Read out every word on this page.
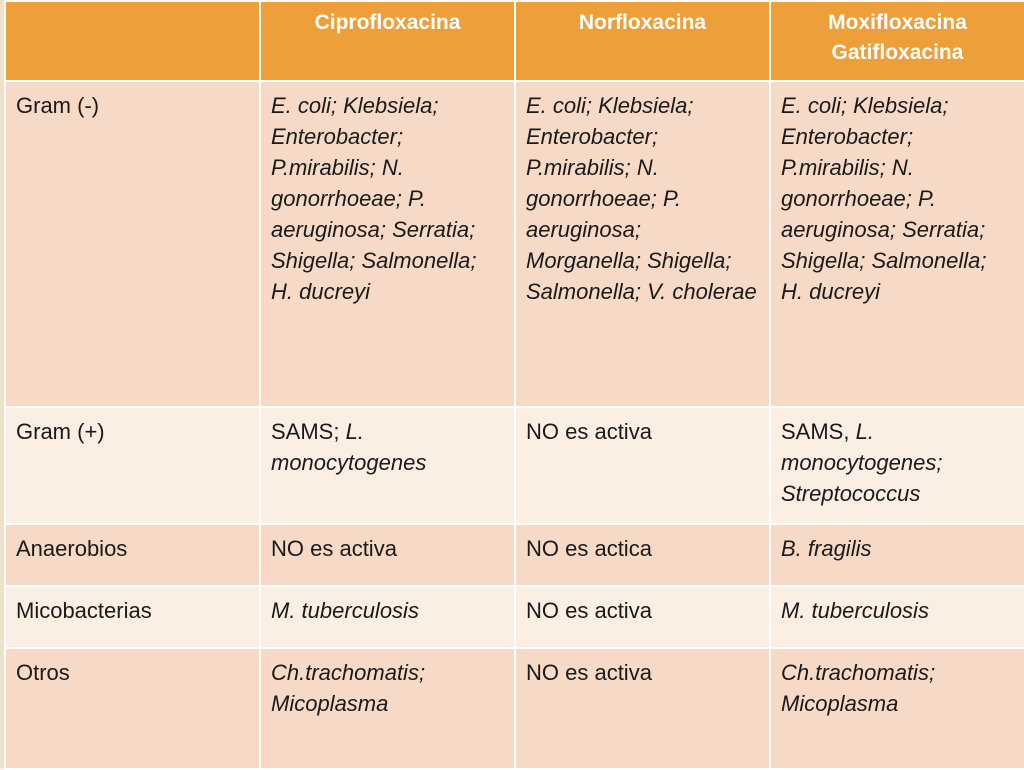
	Ciprofloxacina	Norfloxacina	Moxifloxacina Gatifloxacina
Gram (-)	E. coli; Klebsiela; Enterobacter; P.mirabilis; N. gonorrhoeae; P. aeruginosa; Serratia; Shigella; Salmonella; H. ducreyi	E. coli; Klebsiela; Enterobacter; P.mirabilis; N. gonorrhoeae; P. aeruginosa; Morganella; Shigella; Salmonella; V. cholerae	E. coli; Klebsiela; Enterobacter; P.mirabilis; N. gonorrhoeae; P. aeruginosa; Serratia; Shigella; Salmonella; H. ducreyi
Gram (+)	SAMS; L. monocytogenes	NO es activa	SAMS, L. monocytogenes; Streptococcus
Anaerobios	NO es activa	NO es actica	B. fragilis
Micobacterias	M. tuberculosis	NO es activa	M. tuberculosis
Otros	Ch.trachomatis; Micoplasma	NO es activa	Ch.trachomatis; Micoplasma
